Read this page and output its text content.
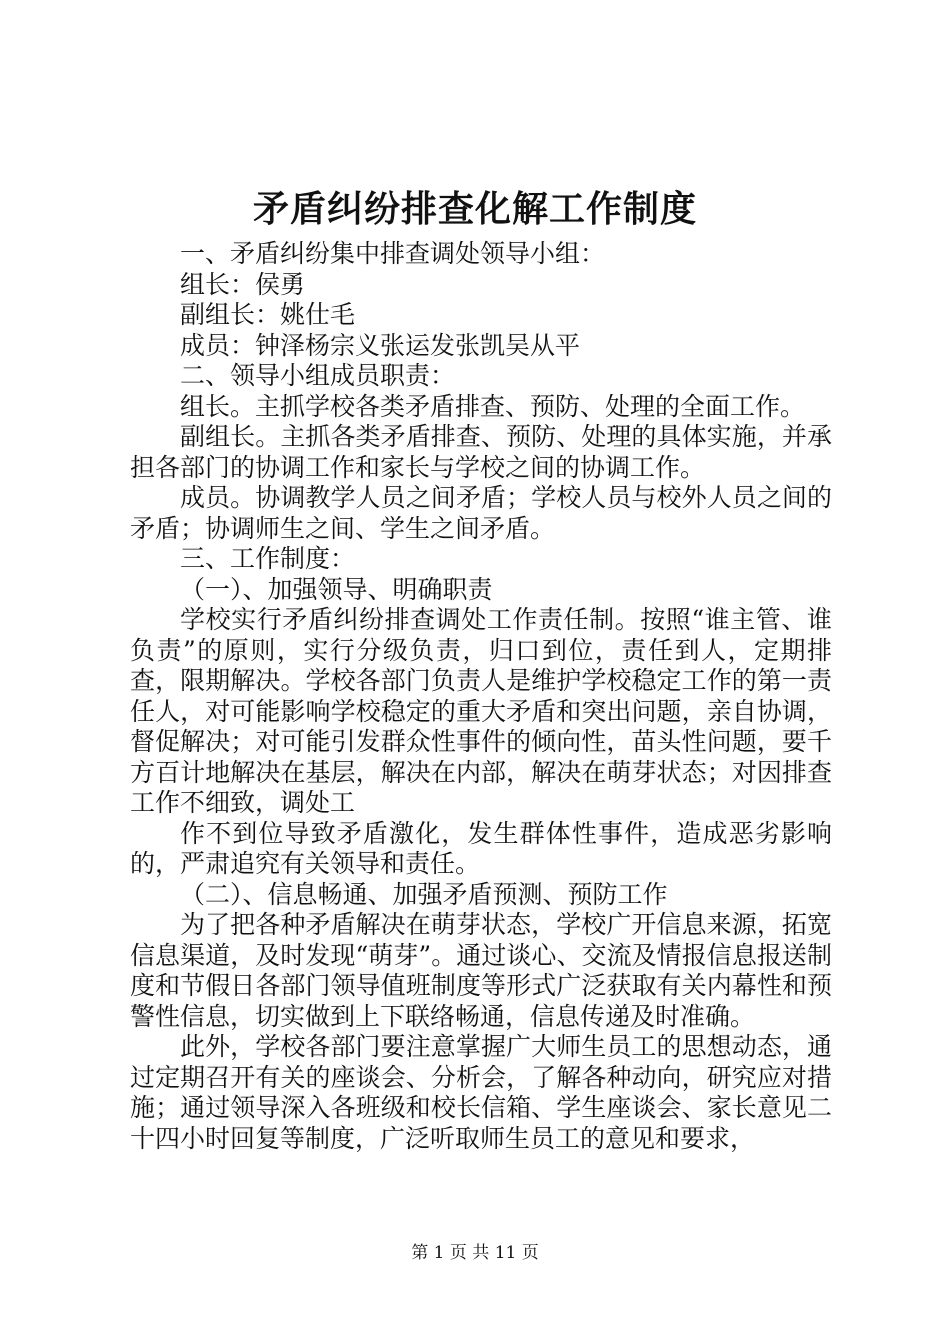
矛盾纠纷排查化解工作制度

一、矛盾纠纷集中排查调处领导小组：

组长：侯勇

副组长：姚仕毛

成员：钟泽杨宗义张运发张凯吴从平

二、领导小组成员职责：

组长。主抓学校各类矛盾排查、预防、处理的全面工作。

副组长。主抓各类矛盾排查、预防、处理的具体实施，并承担各部门的协调工作和家长与学校之间的协调工作。

成员。协调教学人员之间矛盾；学校人员与校外人员之间的矛盾；协调师生之间、学生之间矛盾。

三、工作制度：

（一）、加强领导、明确职责

学校实行矛盾纠纷排查调处工作责任制。按照“谁主管、谁负责”的原则，实行分级负责，归口到位，责任到人，定期排查，限期解决。学校各部门负责人是维护学校稳定工作的第一责任人，对可能影响学校稳定的重大矛盾和突出问题，亲自协调，督促解决；对可能引发群众性事件的倾向性，苗头性问题，要千方百计地解决在基层，解决在内部，解决在萌芽状态；对因排查工作不细致，调处工

作不到位导致矛盾激化，发生群体性事件，造成恶劣影响的，严肃追究有关领导和责任。

（二）、信息畅通、加强矛盾预测、预防工作

为了把各种矛盾解决在萌芽状态，学校广开信息来源，拓宽信息渠道，及时发现“萌芽”。通过谈心、交流及情报信息报送制度和节假日各部门领导值班制度等形式广泛获取有关内幕性和预警性信息，切实做到上下联络畅通，信息传递及时准确。

此外，学校各部门要注意掌握广大师生员工的思想动态，通过定期召开有关的座谈会、分析会，了解各种动向，研究应对措施；通过领导深入各班级和校长信箱、学生座谈会、家长意见二十四小时回复等制度，广泛听取师生员工的意见和要求，

第 1 页 共 11 页
